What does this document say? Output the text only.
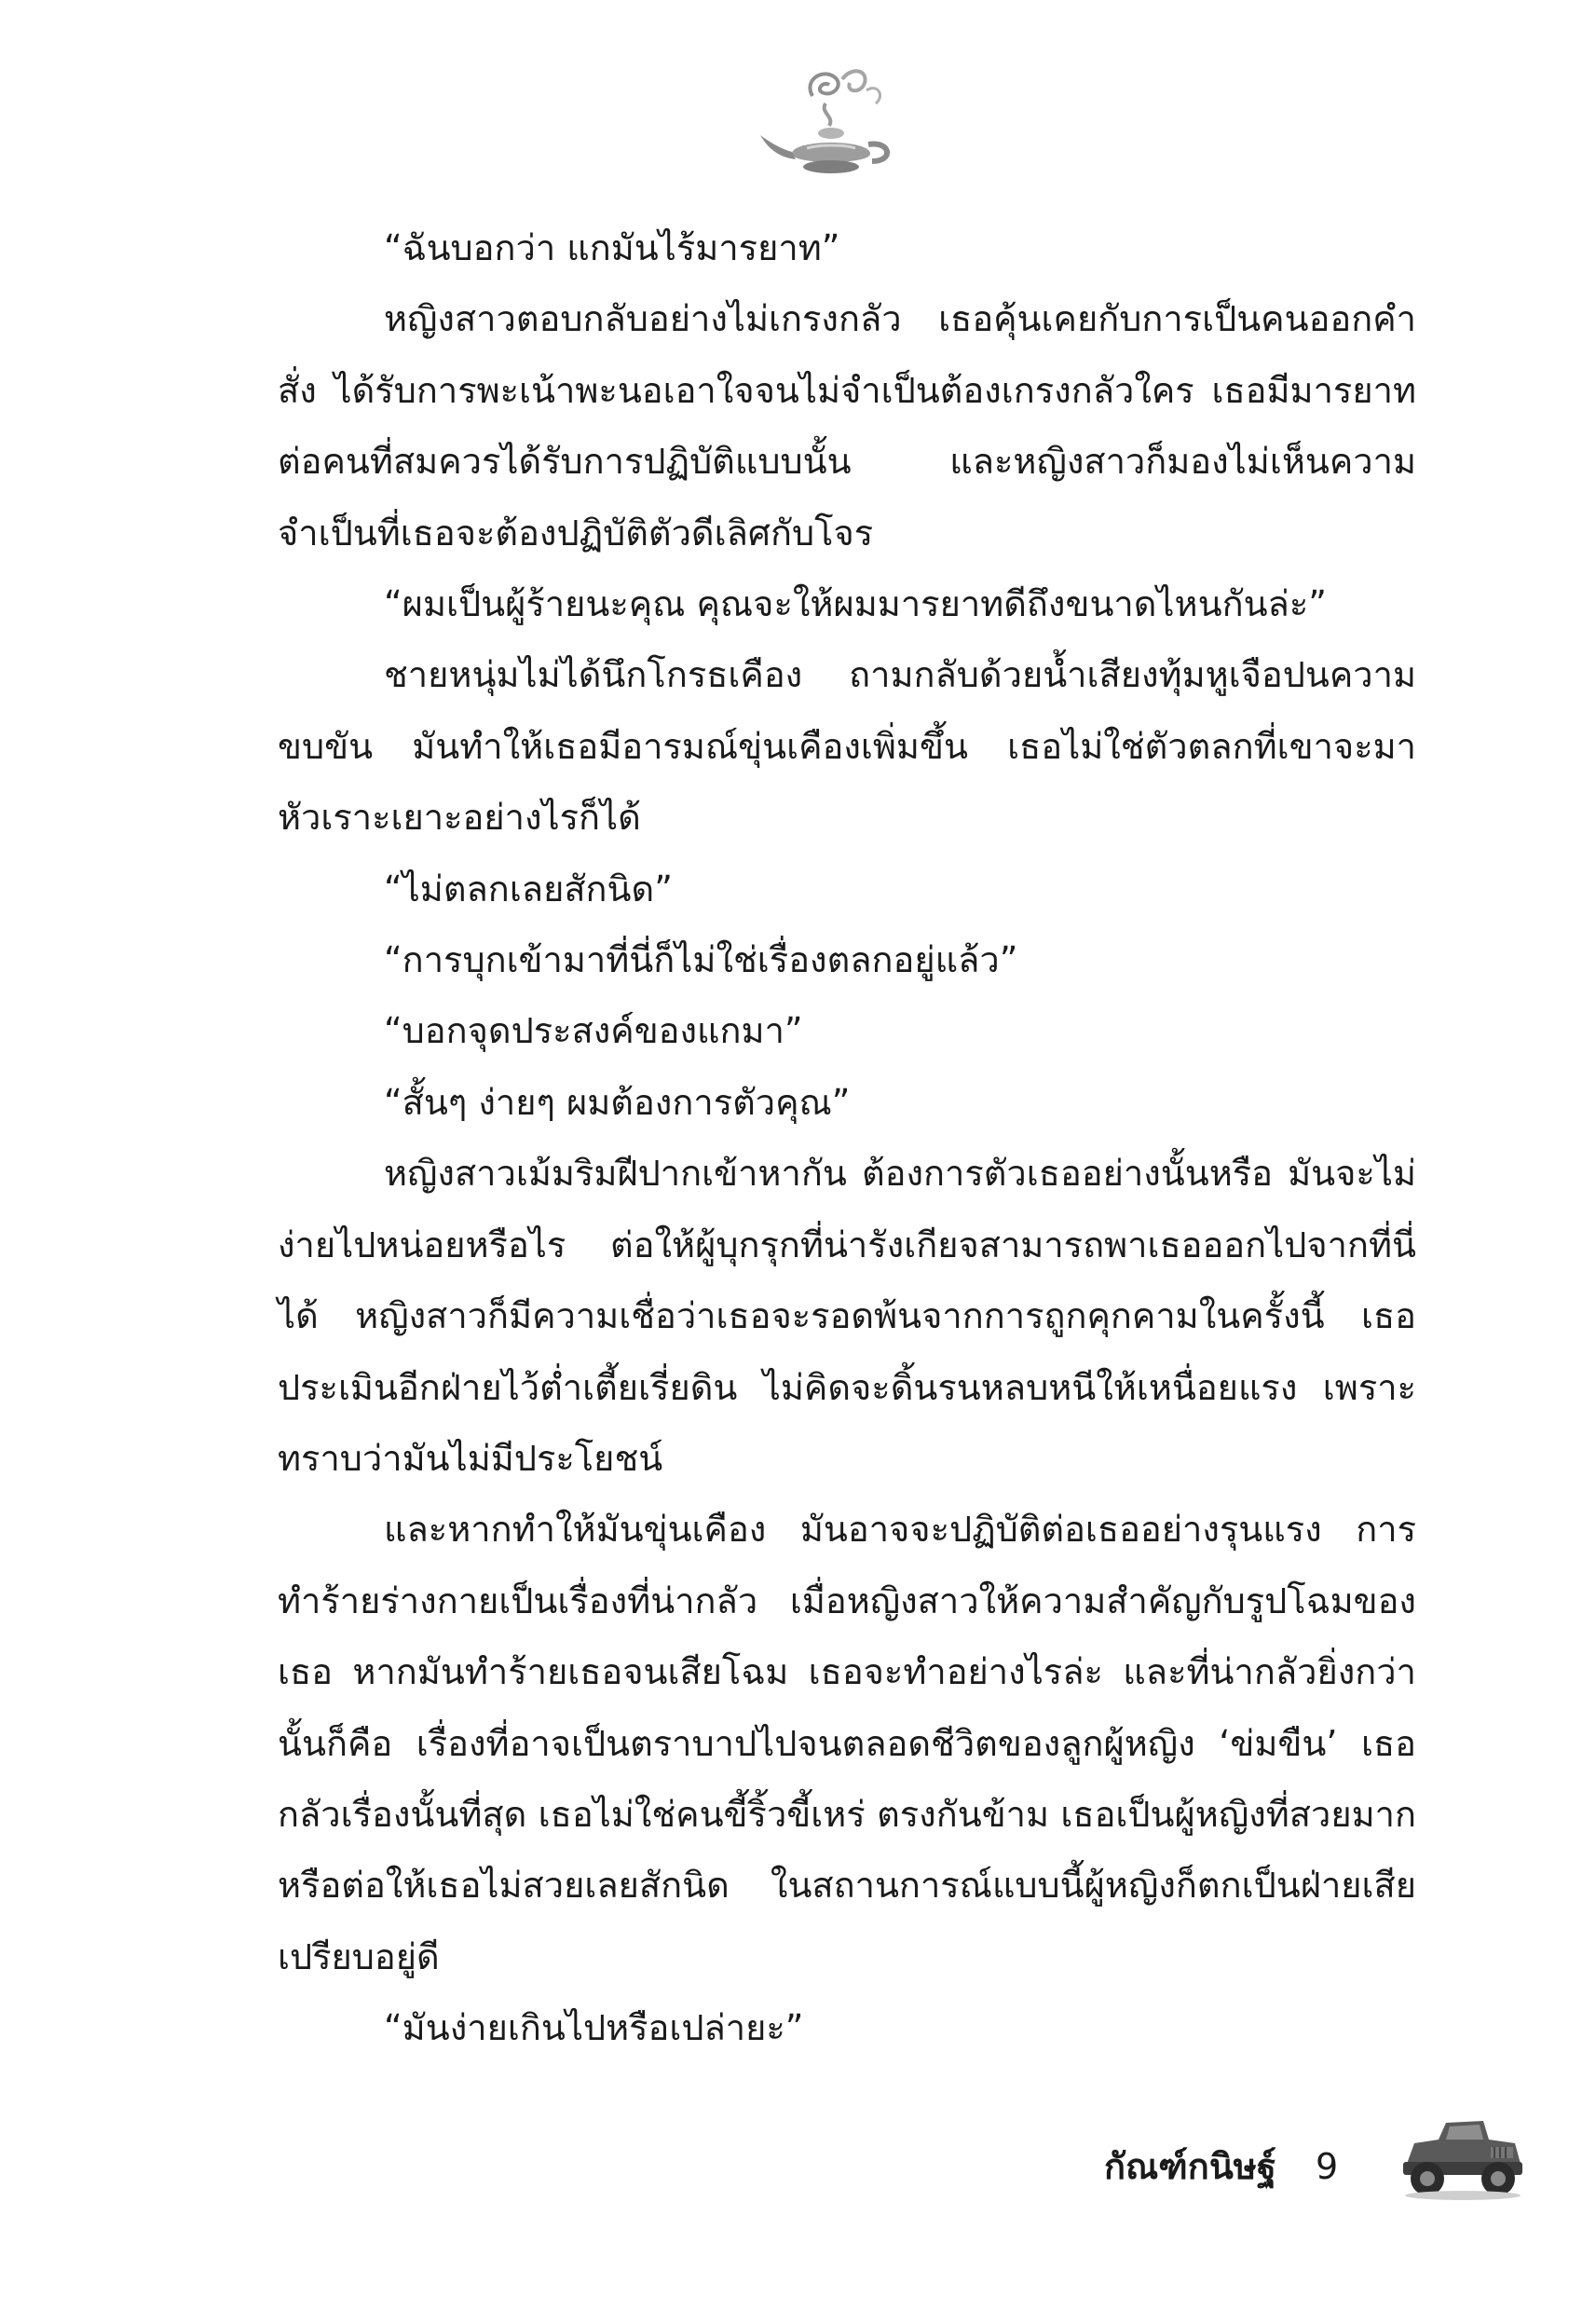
“ฉันบอกว่า แกมันไร้มารยาท”

หญิงสาวตอบกลับอย่างไม่เกรงกลัว เธอคุ้นเคยกับการเป็นคนออกคำสั่ง ได้รับการพะเน้าพะนอเอาใจจนไม่จำเป็นต้องเกรงกลัวใคร เธอมีมารยาทต่อคนที่สมควรได้รับการปฏิบัติแบบนั้น และหญิงสาวก็มองไม่เห็นความจำเป็นที่เธอจะต้องปฏิบัติตัวดีเลิศกับโจร

“ผมเป็นผู้ร้ายนะคุณ คุณจะให้ผมมารยาทดีถึงขนาดไหนกันล่ะ”

ชายหนุ่มไม่ได้นึกโกรธเคือง ถามกลับด้วยน้ำเสียงทุ้มหูเจือปนความขบขัน มันทำให้เธอมีอารมณ์ขุ่นเคืองเพิ่มขึ้น เธอไม่ใช่ตัวตลกที่เขาจะมาหัวเราะเยาะอย่างไรก็ได้

“ไม่ตลกเลยสักนิด”

“การบุกเข้ามาที่นี่ก็ไม่ใช่เรื่องตลกอยู่แล้ว”

“บอกจุดประสงค์ของแกมา”

“สั้นๆ ง่ายๆ ผมต้องการตัวคุณ”

หญิงสาวเม้มริมฝีปากเข้าหากัน ต้องการตัวเธออย่างนั้นหรือ มันจะไม่ง่ายไปหน่อยหรือไร ต่อให้ผู้บุกรุกที่น่ารังเกียจสามารถพาเธอออกไปจากที่นี่ได้ หญิงสาวก็มีความเชื่อว่าเธอจะรอดพ้นจากการถูกคุกคามในครั้งนี้ เธอประเมินอีกฝ่ายไว้ต่ำเตี้ยเรี่ยดิน ไม่คิดจะดิ้นรนหลบหนีให้เหนื่อยแรง เพราะทราบว่ามันไม่มีประโยชน์

และหากทำให้มันขุ่นเคือง มันอาจจะปฏิบัติต่อเธออย่างรุนแรง การทำร้ายร่างกายเป็นเรื่องที่น่ากลัว เมื่อหญิงสาวให้ความสำคัญกับรูปโฉมของเธอ หากมันทำร้ายเธอจนเสียโฉม เธอจะทำอย่างไรล่ะ และที่น่ากลัวยิ่งกว่านั้นก็คือ เรื่องที่อาจเป็นตราบาปไปจนตลอดชีวิตของลูกผู้หญิง ‘ข่มขืน’ เธอกลัวเรื่องนั้นที่สุด เธอไม่ใช่คนขี้ริ้วขี้เหร่ ตรงกันข้าม เธอเป็นผู้หญิงที่สวยมาก หรือต่อให้เธอไม่สวยเลยสักนิด ในสถานการณ์แบบนี้ผู้หญิงก็ตกเป็นฝ่ายเสียเปรียบอยู่ดี

“มันง่ายเกินไปหรือเปล่ายะ”

กัณฑ์กนิษฐ์ 9
